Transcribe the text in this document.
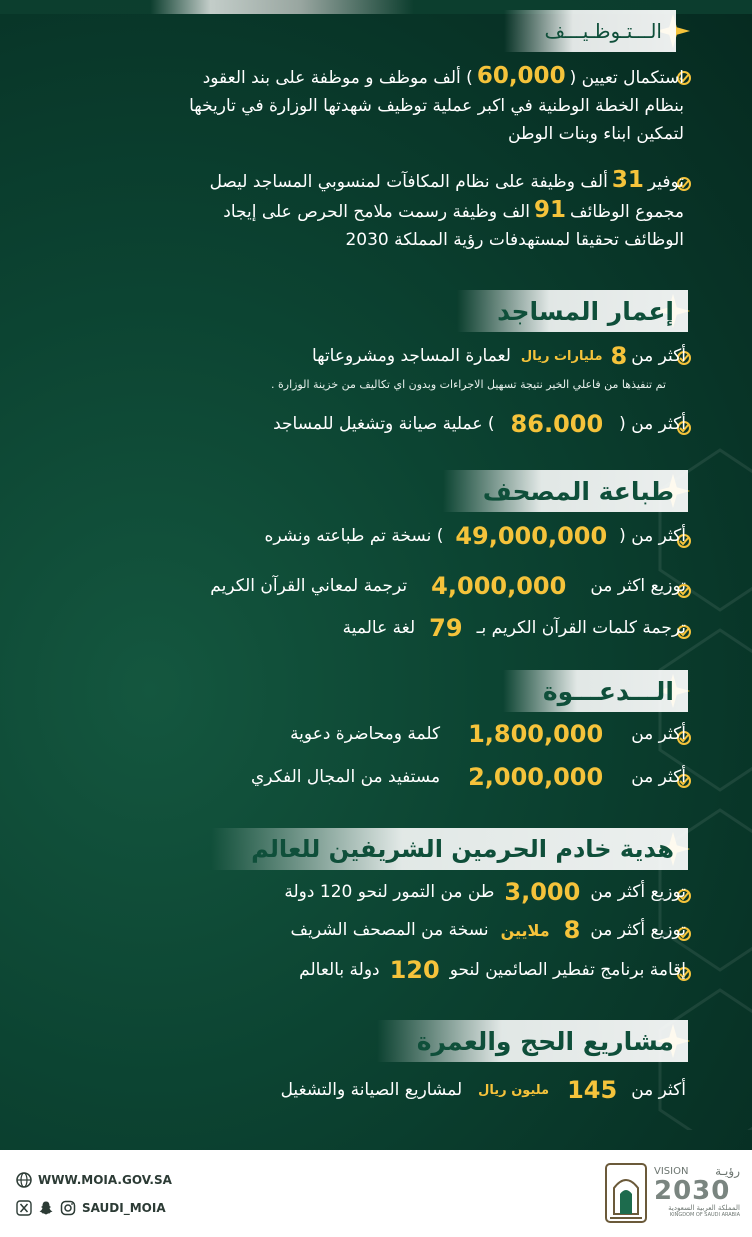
الـــتـوظـيـــف
استكمال تعيين (60,000) ألف موظف و موظفة على بند العقود
بنظام الخطة الوطنية في اكبر عملية توظيف شهدتها الوزارة في تاريخها
لتمكين ابناء وبنات الوطن
توفير31ألف وظيفة على نظام المكافآت لمنسوبي المساجد ليصل
مجموع الوظائف91الف وظيفة رسمت ملامح الحرص على إيجاد
الوظائف تحقيقا لمستهدفات رؤية المملكة 2030
إعمار المساجد
أكثر من
8
مليارات ريال
لعمارة المساجد ومشروعاتها
تم تنفيذها من فاعلي الخير نتيجة تسهيل الاجراءات وبدون اي تكاليف من خزينة الوزارة .
أكثر من (
86.000
) عملية صيانة وتشغيل للمساجد
طباعة المصحف
أكثر من (
49,000,000
) نسخة تم طباعته ونشره
توزيع اكثر من
4,000,000
ترجمة لمعاني القرآن الكريم
ترجمة كلمات القرآن الكريم بـ
79
لغة عالمية
الـــدعـــوة
أكثر من
1,800,000
كلمة ومحاضرة دعوية
أكثر من
2,000,000
مستفيد من المجال الفكري
هدية خادم الحرمين الشريفين للعالم
توزيع أكثر من
3,000
طن من التمور لنحو 120 دولة
توزيع أكثر من
8
ملايين
نسخة من المصحف الشريف
إقامة برنامج تفطير الصائمين لنحو
120
دولة بالعالم
مشاريع الحج والعمرة
أكثر من
145
مليون ريال
لمشاريع الصيانة والتشغيل
WWW.MOIA.GOV.SA
SAUDI_MOIA
VISION رؤيـة
2030
المملكة العربية السعودية
KINGDOM OF SAUDI ARABIA
